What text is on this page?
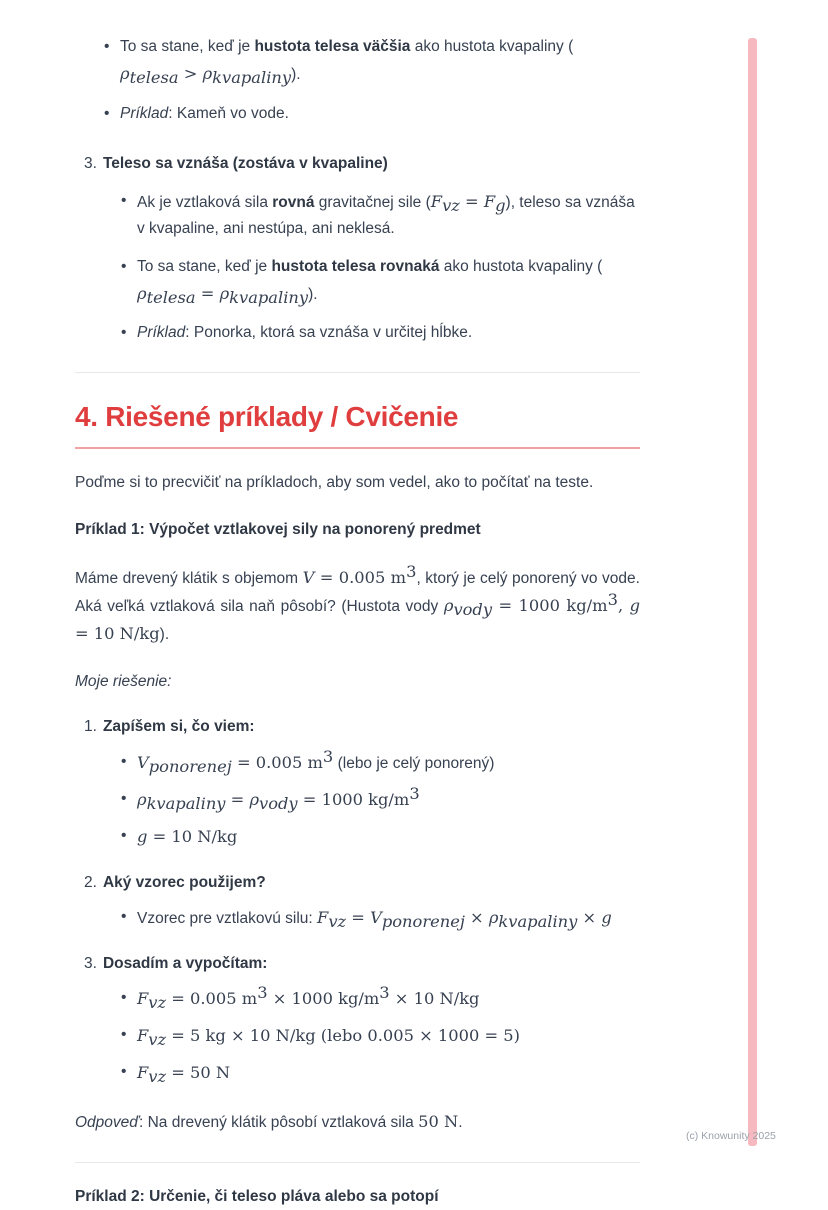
• To sa stane, keď je hustota telesa väčšia ako hustota kvapaliny (
$\rho_{telesa} > \rho_{kvapaliny}$).
• Príklad: Kameň vo vode.
3. Teleso sa vznáša (zostáva v kvapaline)
• Ak je vztlaková sila rovná gravitačnej sile $(F_{vz} = F_g)$, teleso sa vznáša v kvapaline, ani nestúpa, ani neklesá.
• To sa stane, keď je hustota telesa rovnaká ako hustota kvapaliny (
$\rho_{telesa} = \rho_{kvapaliny}$).
• Príklad: Ponorka, ktorá sa vznáša v určitej hĺbke.
4. Riešené príklady / Cvičenie

Poďme si to precvičiť na príkladoch, aby som vedel, ako to počítať na teste.

Príklad 1: Výpočet vztlakovej sily na ponorený predmet

Máme drevený klátik s objemom V = 0.005 $m^3$, ktorý je celý ponorený vo vode. Aká veľká vztlaková sila naň pôsobí? (Hustota vody $\rho_{vody} = 1000$ $kg/m^3$, g = 10 N/kg).

Moje riešenie:

1. Zapíšem si, čo viem:
• $V_{ponorenej} = 0.005$ $m^3$ (lebo je celý ponorený)
• $\rho_{kvapaliny} = \rho_{vody} = 1000$ $kg/m^3$
• g = 10 N/kg
2. Aký vzorec použijem?
• Vzorec pre vztlakovú silu: $F_{vz} = V_{ponorenej} \times \rho_{kvapaliny} \times g$
3. Dosadím a vypočítam:
• $F_{vz} = 0.005$ $m^3 \times 1000$ $kg/m^3 \times 10$ N/kg
• $F_{vz} = 5$ kg × 10 N/kg (lebo 0.005 × 1000 = 5)
• $F_{vz} = 50$ N

Odpoveď: Na drevený klátik pôsobí vztlaková sila 50 N.

Príklad 2: Určenie, či teleso pláva alebo sa potopí

(c) Knowunity 2025
